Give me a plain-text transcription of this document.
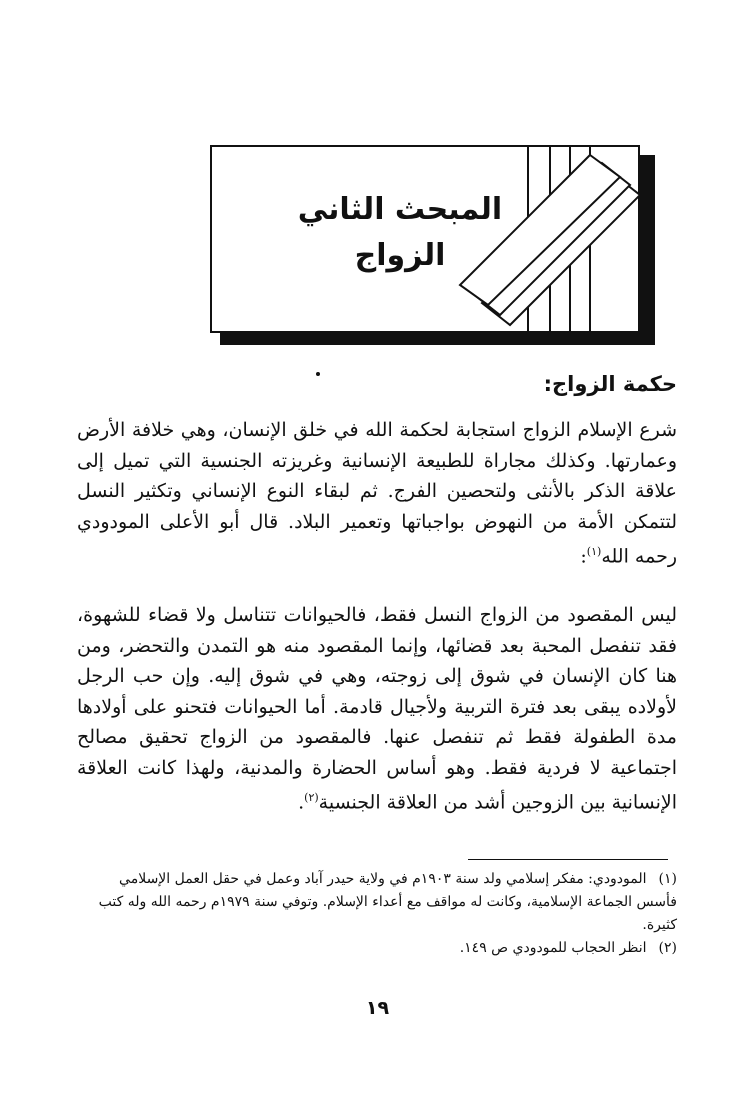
المبحث الثاني
الزواج
حكمة الزواج:

شرع الإسلام الزواج استجابة لحكمة الله في خلق الإنسان، وهي خلافة الأرض وعمارتها. وكذلك مجاراة للطبيعة الإنسانية وغريزته الجنسية التي تميل إلى علاقة الذكر بالأنثى ولتحصين الفرج. ثم لبقاء النوع الإنساني وتكثير النسل لتتمكن الأمة من النهوض بواجباتها وتعمير البلاد. قال أبو الأعلى المودودي رحمه الله$^{(١)}$:

ليس المقصود من الزواج النسل فقط، فالحيوانات تتناسل ولا قضاء للشهوة، فقد تنفصل المحبة بعد قضائها، وإنما المقصود منه هو التمدن والتحضر، ومن هنا كان الإنسان في شوق إلى زوجته، وهي في شوق إليه. وإن حب الرجل لأولاده يبقى بعد فترة التربية ولأجيال قادمة. أما الحيوانات فتحنو على أولادها مدة الطفولة فقط ثم تنفصل عنها. فالمقصود من الزواج تحقيق مصالح اجتماعية لا فردية فقط. وهو أساس الحضارة والمدنية، ولهذا كانت العلاقة الإنسانية بين الزوجين أشد من العلاقة الجنسية$^{(٢)}$.

(١)المودودي: مفكر إسلامي ولد سنة ١٩٠٣م في ولاية حيدر آباد وعمل في حقل العمل الإسلامي فأسس الجماعة الإسلامية، وكانت له مواقف مع أعداء الإسلام. وتوفي سنة ١٩٧٩م رحمه الله وله كتب كثيرة.
(٢)انظر الحجاب للمودودي ص ١٤٩.
١٩
